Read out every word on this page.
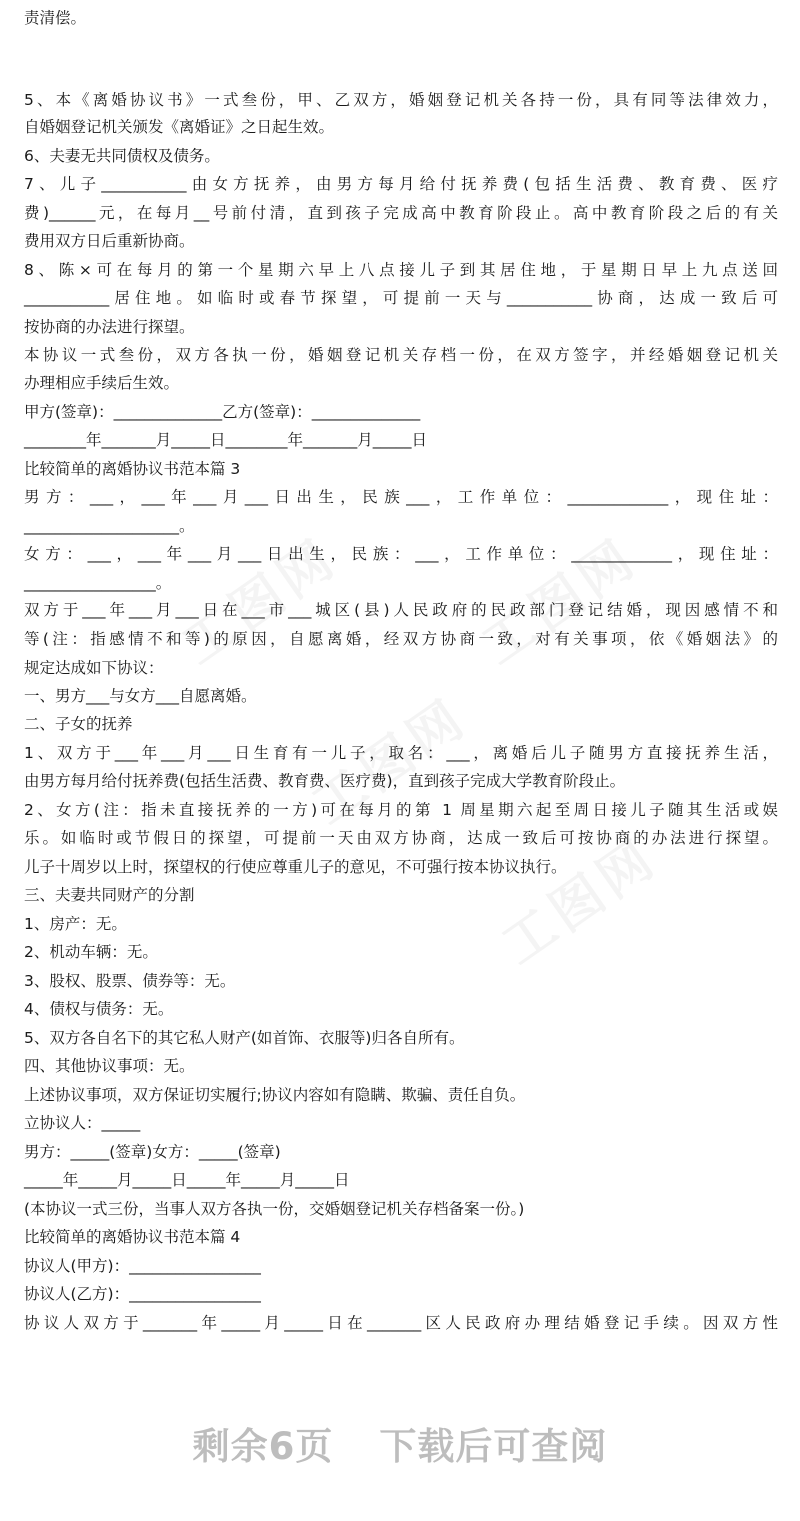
责清偿。
5、本《离婚协议书》一式叁份，甲、乙双方，婚姻登记机关各持一份，具有同等法律效力，
自婚姻登记机关颁发《离婚证》之日起生效。
6、夫妻无共同债权及债务。
7、儿子___________由女方抚养，由男方每月给付抚养费(包括生活费、教育费、医疗
费)______元，在每月__号前付清，直到孩子完成高中教育阶段止。高中教育阶段之后的有关
费用双方日后重新协商。
8、陈×可在每月的第一个星期六早上八点接儿子到其居住地，于星期日早上九点送回
___________居住地。如临时或春节探望，可提前一天与___________协商，达成一致后可
按协商的办法进行探望。
本协议一式叁份，双方各执一份，婚姻登记机关存档一份，在双方签字，并经婚姻登记机关
办理相应手续后生效。
甲方(签章)：______________乙方(签章)：______________
________年_______月_____日________年_______月_____日
比较简单的离婚协议书范本篇 3
男方：___，___年___月___日出生，民族___，工作单位：_____________，现住址：
____________________。
女方：___，___年___月___日出生，民族：___，工作单位：_____________，现住址：
_________________。
双方于___年___月___日在___市___城区(县)人民政府的民政部门登记结婚，现因感情不和
等(注：指感情不和等)的原因，自愿离婚，经双方协商一致，对有关事项，依《婚姻法》的
规定达成如下协议：
一、男方___与女方___自愿离婚。
二、子女的抚养
1、双方于___年___月___日生育有一儿子，取名：___，离婚后儿子随男方直接抚养生活，
由男方每月给付抚养费(包括生活费、教育费、医疗费)，直到孩子完成大学教育阶段止。
2、女方(注：指未直接抚养的一方)可在每月的第 1 周星期六起至周日接儿子随其生活或娱
乐。如临时或节假日的探望，可提前一天由双方协商，达成一致后可按协商的办法进行探望。
儿子十周岁以上时，探望权的行使应尊重儿子的意见，不可强行按本协议执行。
三、夫妻共同财产的分割
1、房产：无。
2、机动车辆：无。
3、股权、股票、债券等：无。
4、债权与债务：无。
5、双方各自名下的其它私人财产(如首饰、衣服等)归各自所有。
四、其他协议事项：无。
上述协议事项，双方保证切实履行;协议内容如有隐瞒、欺骗、责任自负。
立协议人：_____
男方：_____(签章)女方：_____(签章)
_____年_____月_____日_____年_____月_____日
(本协议一式三份，当事人双方各执一份，交婚姻登记机关存档备案一份。)
比较简单的离婚协议书范本篇 4
协议人(甲方)：_________________
协议人(乙方)：_________________
协议人双方于_______年_____月_____日在_______区人民政府办理结婚登记手续。因双方性
剩余6页 下载后可查阅
